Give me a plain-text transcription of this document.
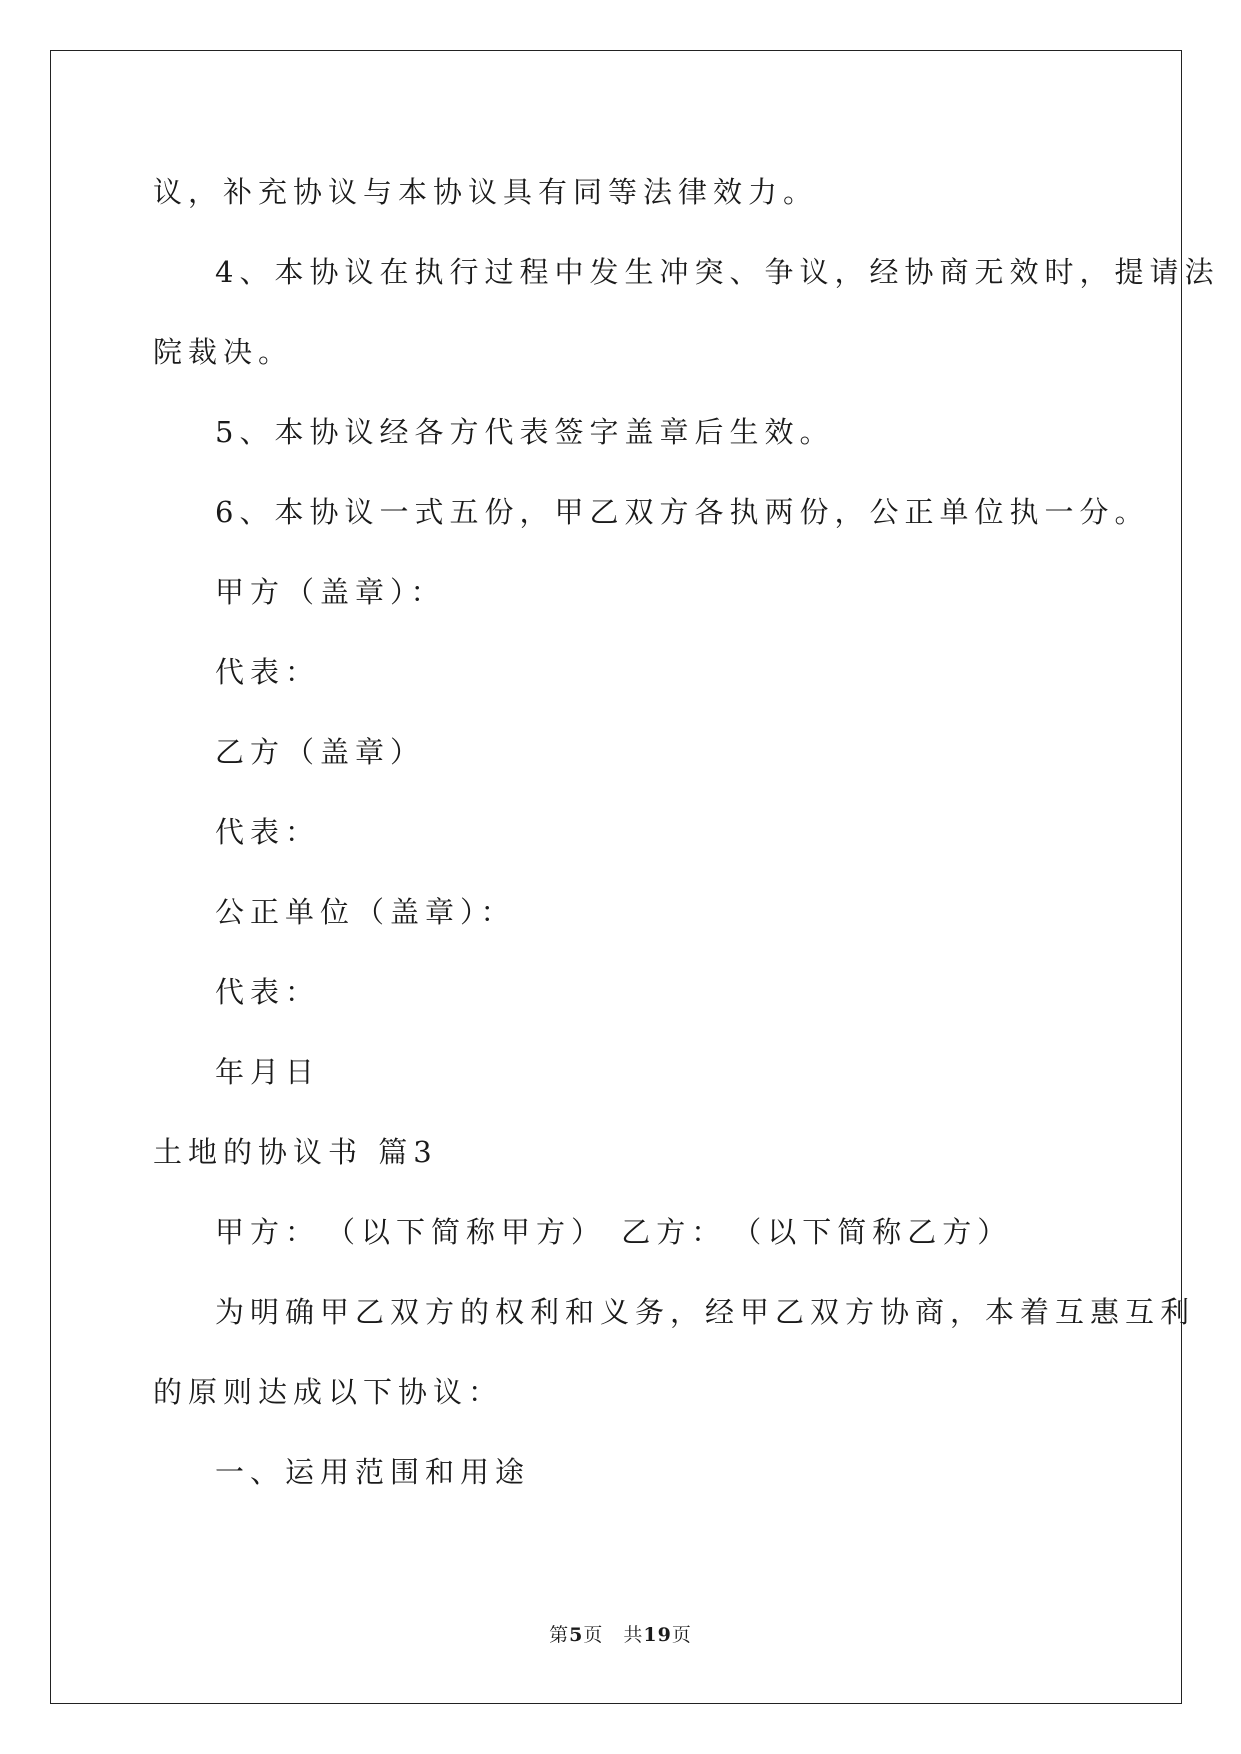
议，补充协议与本协议具有同等法律效力。
4、本协议在执行过程中发生冲突、争议，经协商无效时，提请法
院裁决。
5、本协议经各方代表签字盖章后生效。
6、本协议一式五份，甲乙双方各执两份，公正单位执一分。
甲方（盖章）：
代表：
乙方（盖章）
代表：
公正单位（盖章）：
代表：
年月日
土地的协议书 篇3
甲方：　（以下简称甲方） 乙方：　（以下简称乙方）
为明确甲乙双方的权利和义务，经甲乙双方协商，本着互惠互利
的原则达成以下协议：
一、运用范围和用途
第5页　共19页
